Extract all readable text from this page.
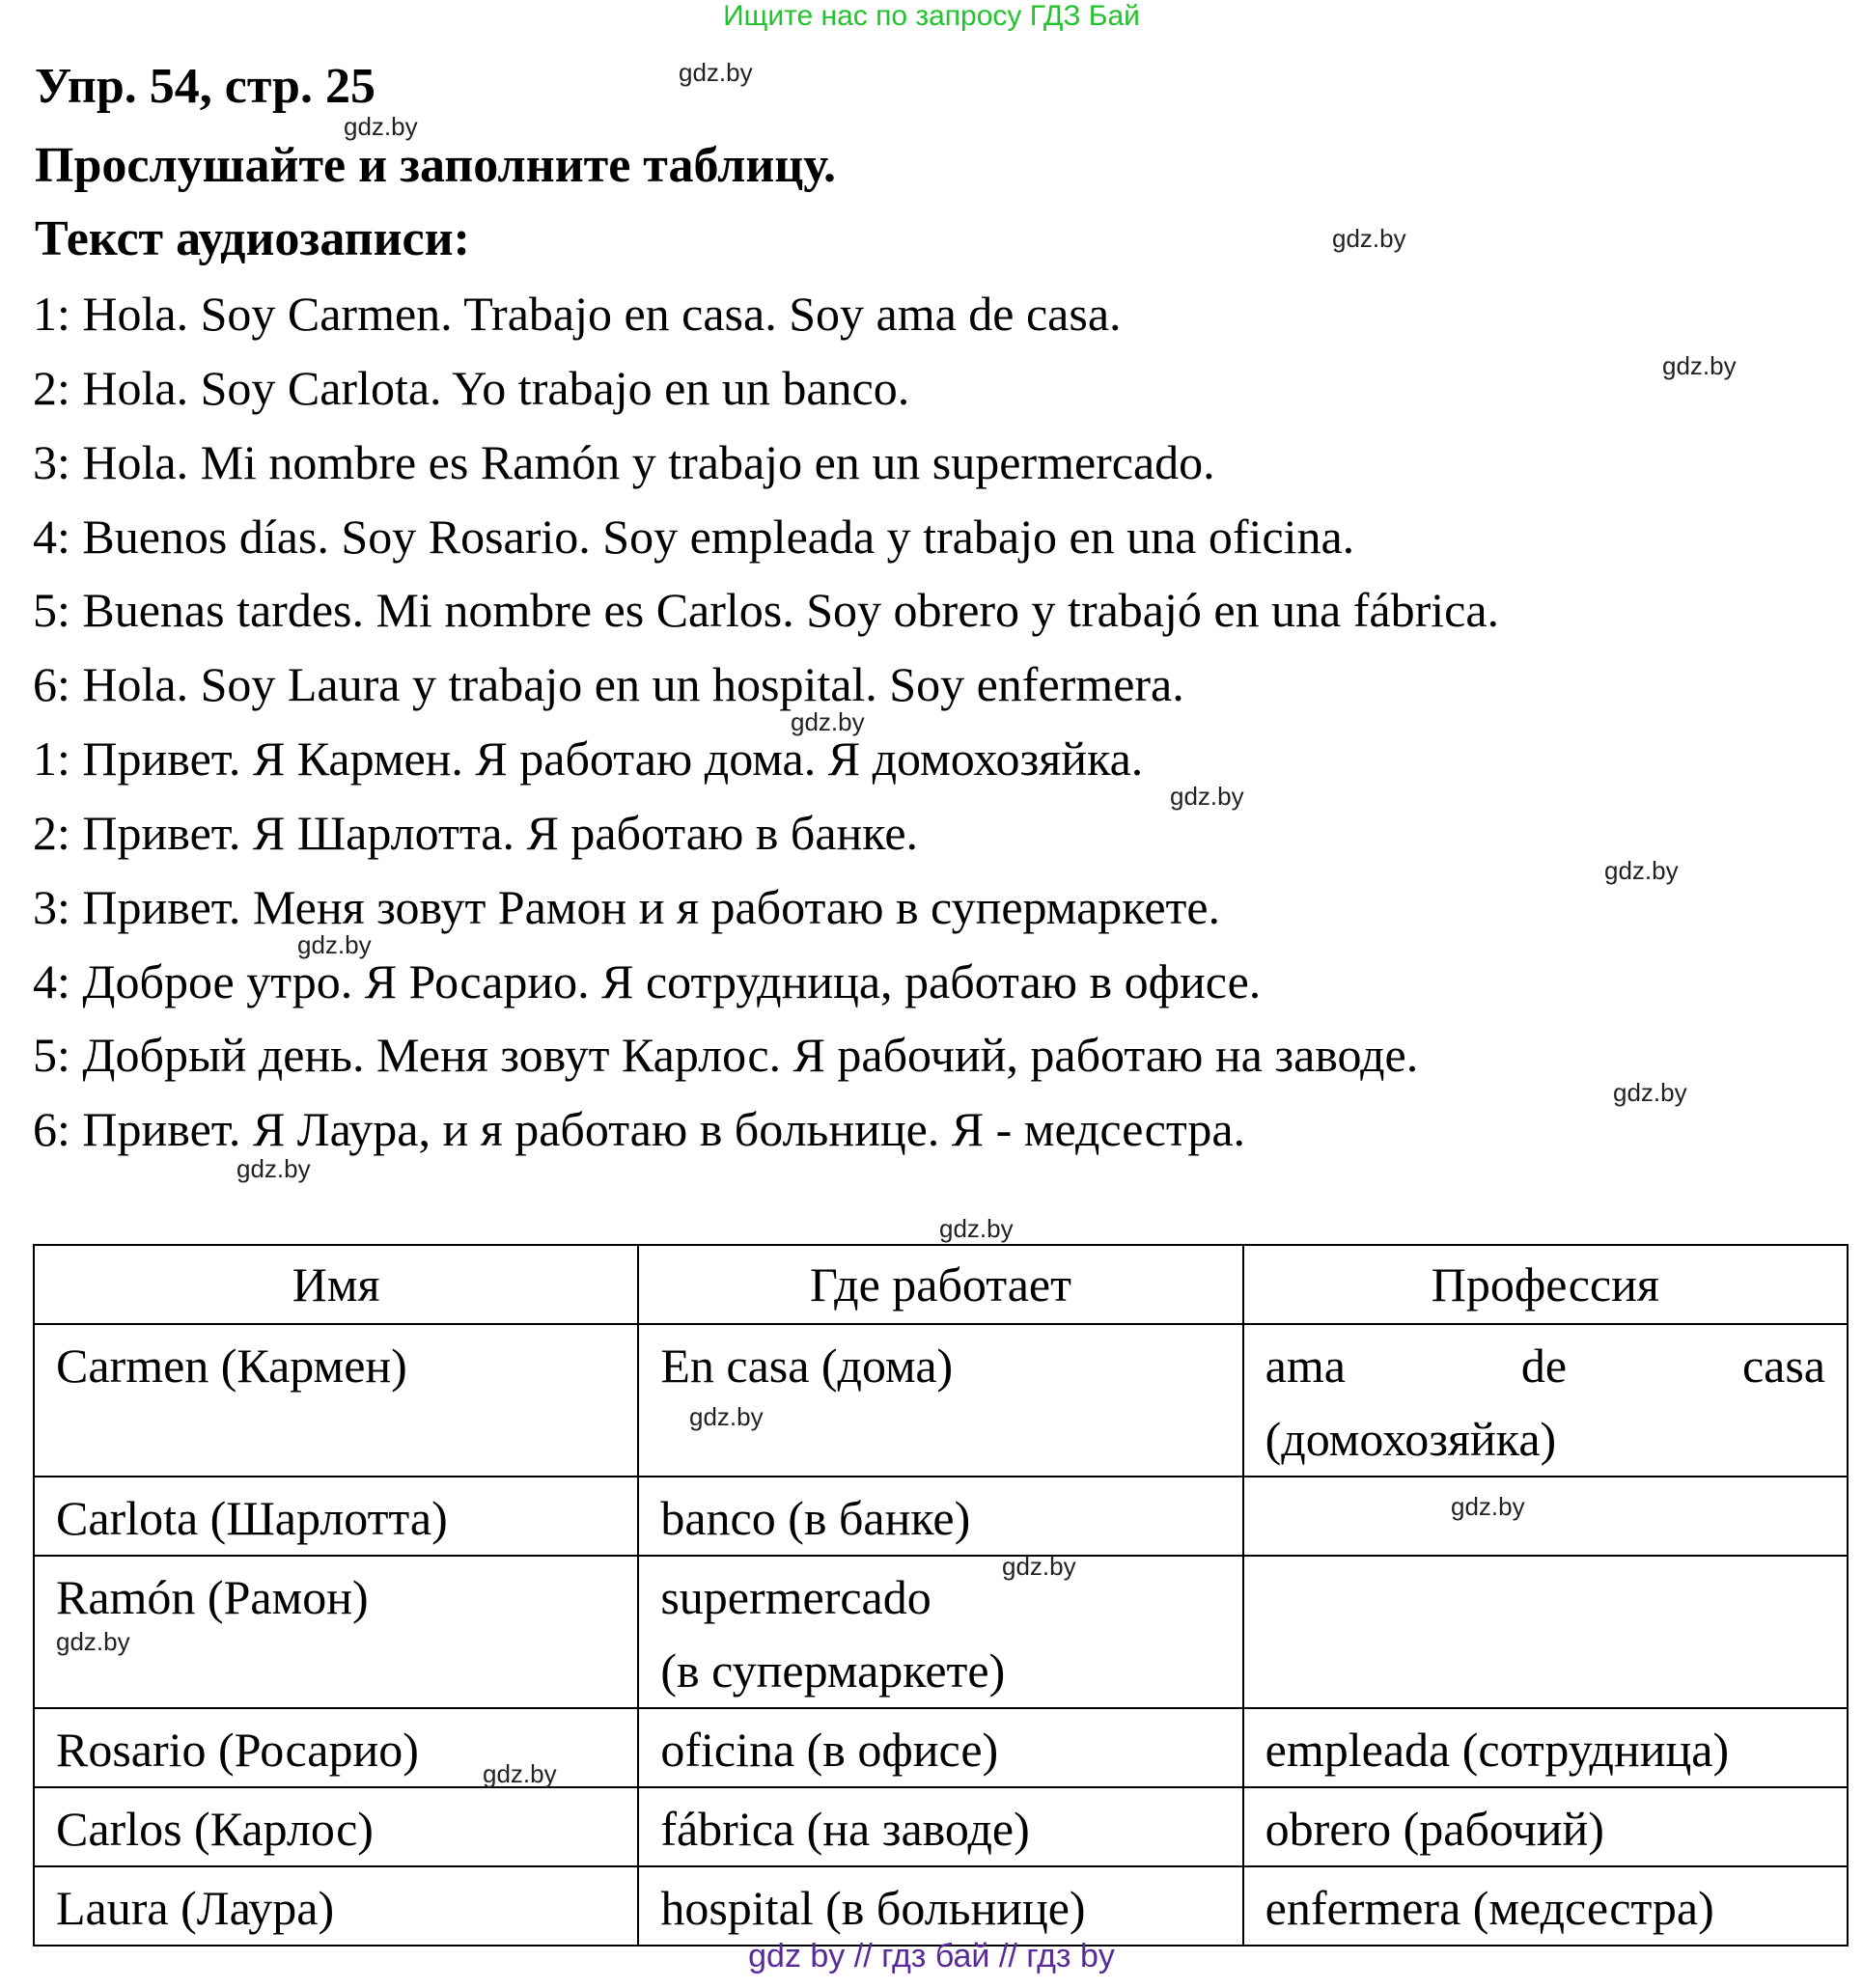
Ищите нас по запросу ГДЗ Бай
Упр. 54, стр. 25
Прослушайте и заполните таблицу.
Текст аудиозаписи:
1: Hola. Soy Carmen. Trabajo en casa. Soy ama de casa.
2: Hola. Soy Carlota. Yo trabajo en un banco.
3: Hola. Mi nombre es Ramón y trabajo en un supermercado.
4: Buenos días. Soy Rosario. Soy empleada y trabajo en una oficina.
5: Buenas tardes. Mi nombre es Carlos. Soy obrero y trabajó en una fábrica.
6: Hola. Soy Laura y trabajo en un hospital. Soy enfermera.
1: Привет. Я Кармен. Я работаю дома. Я домохозяйка.
2: Привет. Я Шарлотта. Я работаю в банке.
3: Привет. Меня зовут Рамон и я работаю в супермаркете.
4: Доброе утро. Я Росарио. Я сотрудница, работаю в офисе.
5: Добрый день. Меня зовут Карлос. Я рабочий, работаю на заводе.
6: Привет. Я Лаура, и я работаю в больнице. Я - медсестра.
Имя	Где работает	Профессия
Carmen (Кармен)	En casa (дома)	ama de casa
(домохозяйка)

Carlota (Шарлотта)	banco (в банке)	
Ramón (Рамон)	supermercado
(в супермаркете)	

Rosario (Росарио)	oficina (в офисе)	empleada (сотрудница)
Carlos (Карлос)	fábrica (на заводе)	obrero (рабочий)
Laura (Лаура)	hospital (в больнице)	enfermera (медсестра)
gdz.by
gdz.by
gdz.by
gdz.by
gdz.by
gdz.by
gdz.by
gdz.by
gdz.by
gdz.by
gdz.by
gdz.by
gdz.by
gdz.by
gdz.by
gdz.by
gdz by // гдз бай // гдз by
